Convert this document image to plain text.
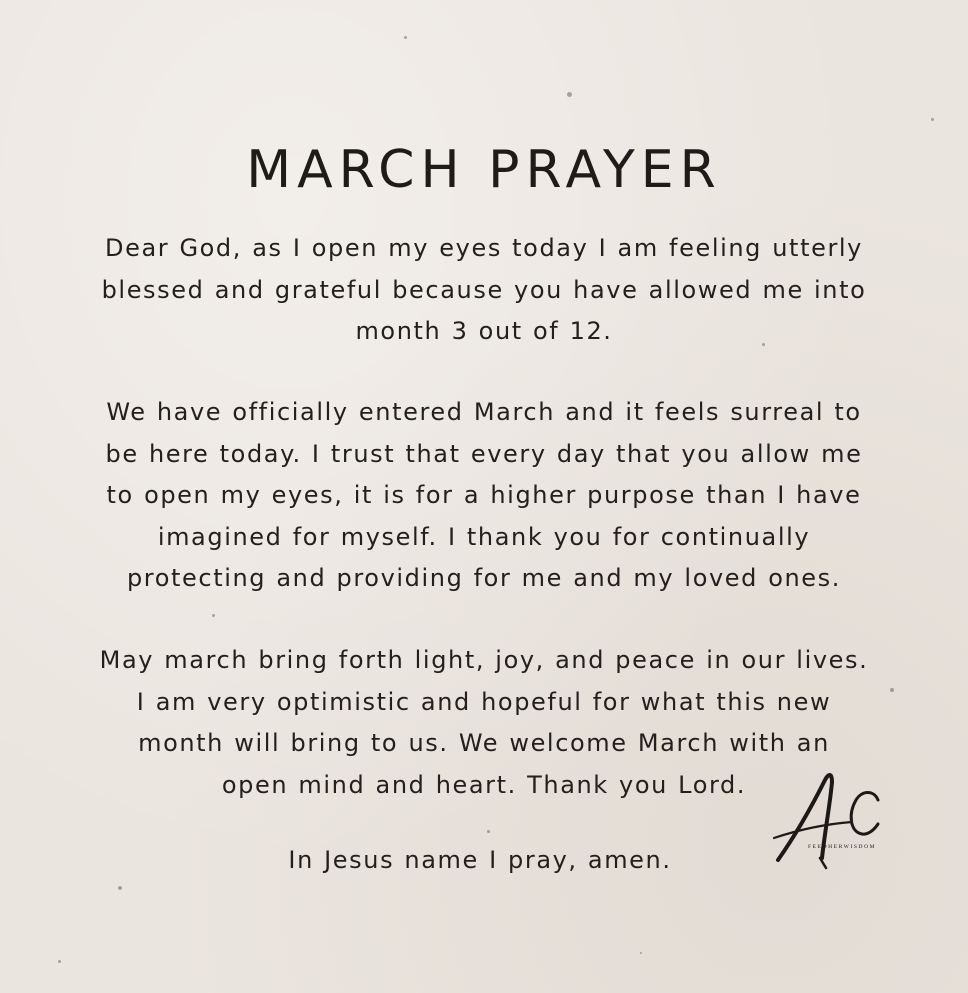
MARCH PRAYER

Dear God, as I open my eyes today I am feeling utterly
blessed and grateful because you have allowed me into
month 3 out of 12.

We have officially entered March and it feels surreal to
be here today. I trust that every day that you allow me
to open my eyes, it is for a higher purpose than I have
imagined for myself. I thank you for continually
protecting and providing for me and my loved ones.

May march bring forth light, joy, and peace in our lives.
I am very optimistic and hopeful for what this new
month will bring to us. We welcome March with an
open mind and heart. Thank you Lord.

In Jesus name I pray, amen.	FEEDHERWISDOM
